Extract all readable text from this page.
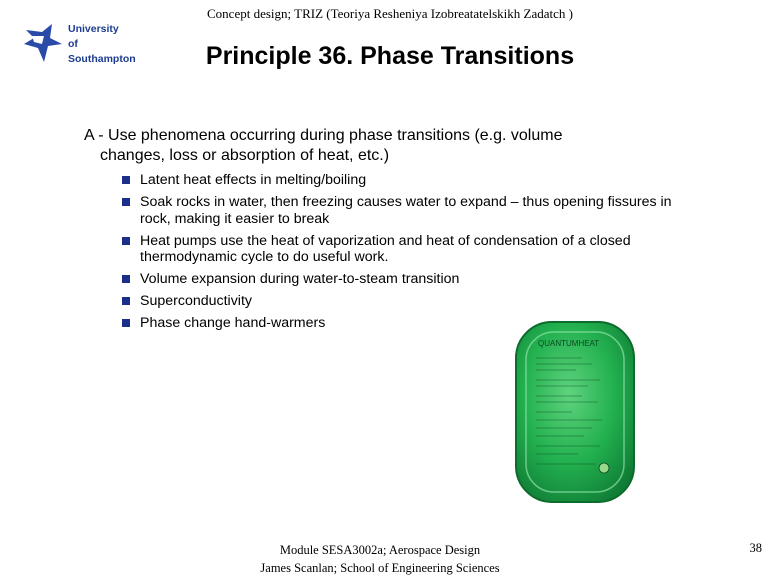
Concept design; TRIZ (Teoriya Resheniya Izobreatatelskikh Zadatch )
University
of Southampton	Principle 36. Phase Transitions
A - Use phenomena occurring during phase transitions (e.g. volume
changes, loss or absorption of heat, etc.)
Latent heat effects in melting/boiling
Soak rocks in water, then freezing causes water to expand – thus opening fissures in rock, making it easier to break
Heat pumps use the heat of vaporization and heat of condensation of a closed thermodynamic cycle to do useful work.
Volume expansion during water-to-steam transition
Superconductivity
Phase change hand-warmers
QUANTUMHEAT
Module SESA3002a; Aerospace Design
James Scanlan; School of Engineering Sciences
38
